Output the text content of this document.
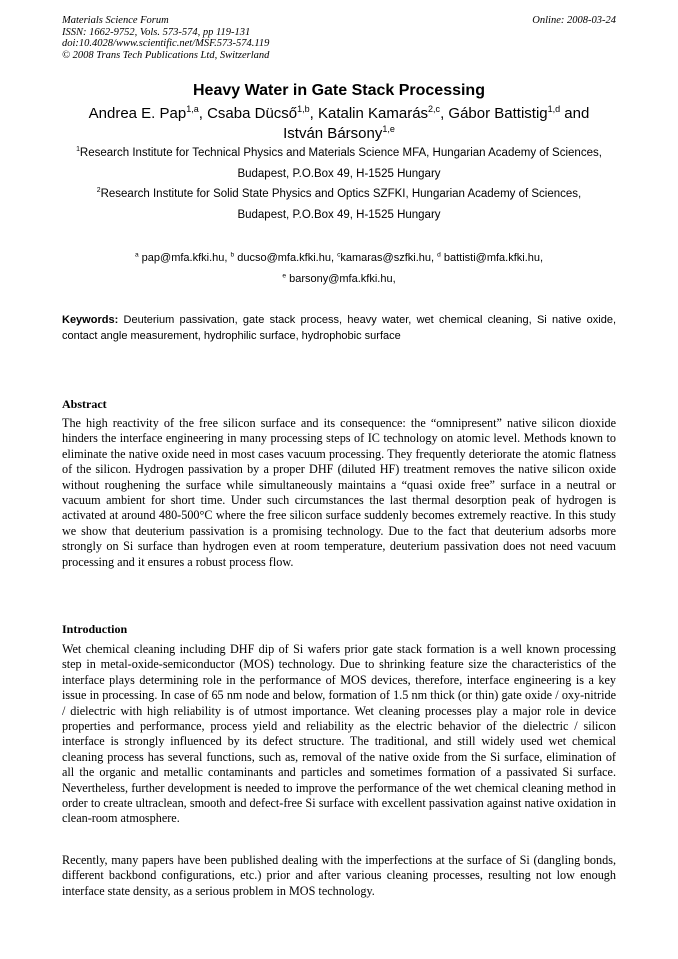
Materials Science Forum
ISSN: 1662-9752, Vols. 573-574, pp 119-131
doi:10.4028/www.scientific.net/MSF.573-574.119
© 2008 Trans Tech Publications Ltd, Switzerland
Online: 2008-03-24
Heavy Water in Gate Stack Processing
Andrea E. Pap$^{1,a}$, Csaba Dücső$^{1,b}$, Katalin Kamarás$^{2,c}$, Gábor Battistig$^{1,d}$ and
István Bársony$^{1,e}$
$^1$Research Institute for Technical Physics and Materials Science MFA, Hungarian Academy of Sciences, Budapest, P.O.Box 49, H-1525 Hungary
$^2$Research Institute for Solid State Physics and Optics SZFKI, Hungarian Academy of Sciences, Budapest, P.O.Box 49, H-1525 Hungary
$^a$ pap@mfa.kfki.hu, $^b$ ducso@mfa.kfki.hu, $^c$kamaras@szfki.hu, $^d$ battisti@mfa.kfki.hu,
$^e$ barsony@mfa.kfki.hu,
Keywords: Deuterium passivation, gate stack process, heavy water, wet chemical cleaning, Si native oxide, contact angle measurement, hydrophilic surface, hydrophobic surface
Abstract
The high reactivity of the free silicon surface and its consequence: the “omnipresent” native silicon dioxide hinders the interface engineering in many processing steps of IC technology on atomic level. Methods known to eliminate the native oxide need in most cases vacuum processing. They frequently deteriorate the atomic flatness of the silicon. Hydrogen passivation by a proper DHF (diluted HF) treatment removes the native silicon oxide without roughening the surface while simultaneously maintains a “quasi oxide free” surface in a neutral or vacuum ambient for short time. Under such circumstances the last thermal desorption peak of hydrogen is activated at around 480-500°C where the free silicon surface suddenly becomes extremely reactive. In this study we show that deuterium passivation is a promising technology. Due to the fact that deuterium adsorbs more strongly on Si surface than hydrogen even at room temperature, deuterium passivation does not need vacuum processing and it ensures a robust process flow.
Introduction
Wet chemical cleaning including DHF dip of Si wafers prior gate stack formation is a well known processing step in metal-oxide-semiconductor (MOS) technology. Due to shrinking feature size the characteristics of the interface plays determining role in the performance of MOS devices, therefore, interface engineering is a key issue in processing. In case of 65 nm node and below, formation of 1.5 nm thick (or thin) gate oxide / oxy-nitride / dielectric with high reliability is of utmost importance. Wet cleaning processes play a major role in device properties and performance, process yield and reliability as the electric behavior of the dielectric / silicon interface is strongly influenced by its defect structure. The traditional, and still widely used wet chemical cleaning process has several functions, such as, removal of the native oxide from the Si surface, elimination of all the organic and metallic contaminants and particles and sometimes formation of a passivated Si surface. Nevertheless, further development is needed to improve the performance of the wet chemical cleaning method in order to create ultraclean, smooth and defect-free Si surface with excellent passivation against native oxidation in clean-room atmosphere.
Recently, many papers have been published dealing with the imperfections at the surface of Si (dangling bonds, different backbond configurations, etc.) prior and after various cleaning processes, resulting not low enough interface state density, as a serious problem in MOS technology.
